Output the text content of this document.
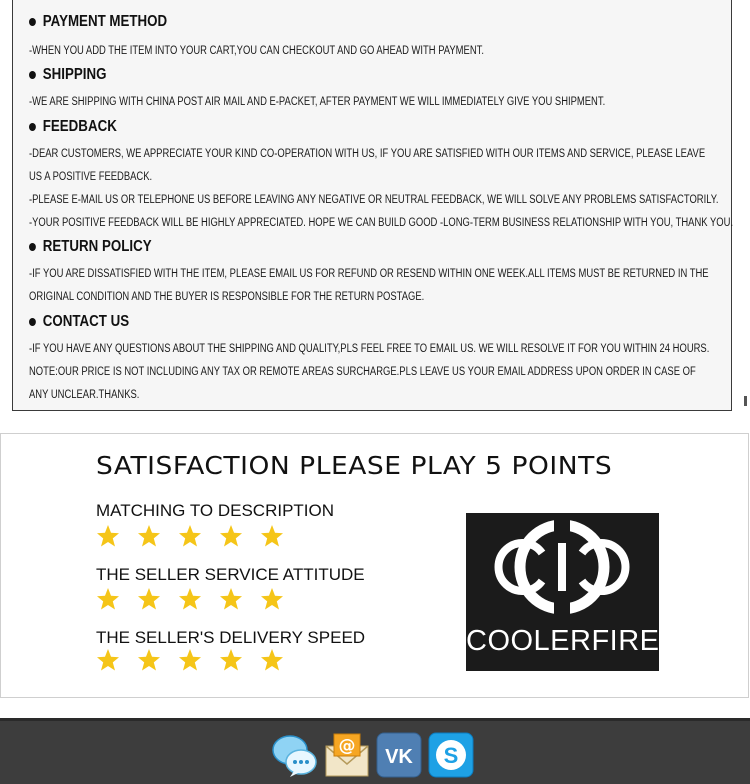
PAYMENT METHOD
-WHEN YOU ADD THE ITEM INTO YOUR CART,YOU CAN CHECKOUT AND GO AHEAD WITH PAYMENT.
SHIPPING
-WE ARE SHIPPING WITH CHINA POST AIR MAIL AND E-PACKET, AFTER PAYMENT WE WILL IMMEDIATELY GIVE YOU SHIPMENT.
FEEDBACK
-DEAR CUSTOMERS, WE APPRECIATE YOUR KIND CO-OPERATION WITH US, IF YOU ARE SATISFIED WITH OUR ITEMS AND SERVICE, PLEASE LEAVE
US A POSITIVE FEEDBACK.
-PLEASE E-MAIL US OR TELEPHONE US BEFORE LEAVING ANY NEGATIVE OR NEUTRAL FEEDBACK, WE WILL SOLVE ANY PROBLEMS SATISFACTORILY.
-YOUR POSITIVE FEEDBACK WILL BE HIGHLY APPRECIATED. HOPE WE CAN BUILD GOOD -LONG-TERM BUSINESS RELATIONSHIP WITH YOU, THANK YOU.
RETURN POLICY
-IF YOU ARE DISSATISFIED WITH THE ITEM, PLEASE EMAIL US FOR REFUND OR RESEND WITHIN ONE WEEK.ALL ITEMS MUST BE RETURNED IN THE
ORIGINAL CONDITION AND THE BUYER IS RESPONSIBLE FOR THE RETURN POSTAGE.
CONTACT US
-IF YOU HAVE ANY QUESTIONS ABOUT THE SHIPPING AND QUALITY,PLS FEEL FREE TO EMAIL US. WE WILL RESOLVE IT FOR YOU WITHIN 24 HOURS.
NOTE:OUR PRICE IS NOT INCLUDING ANY TAX OR REMOTE AREAS SURCHARGE.PLS LEAVE US YOUR EMAIL ADDRESS UPON ORDER IN CASE OF
ANY UNCLEAR.THANKS.
SATISFACTION PLEASE PLAY 5 POINTS
MATCHING TO DESCRIPTION
THE SELLER SERVICE ATTITUDE
THE SELLER'S DELIVERY SPEED	COOLERFIRE
@ VK S
